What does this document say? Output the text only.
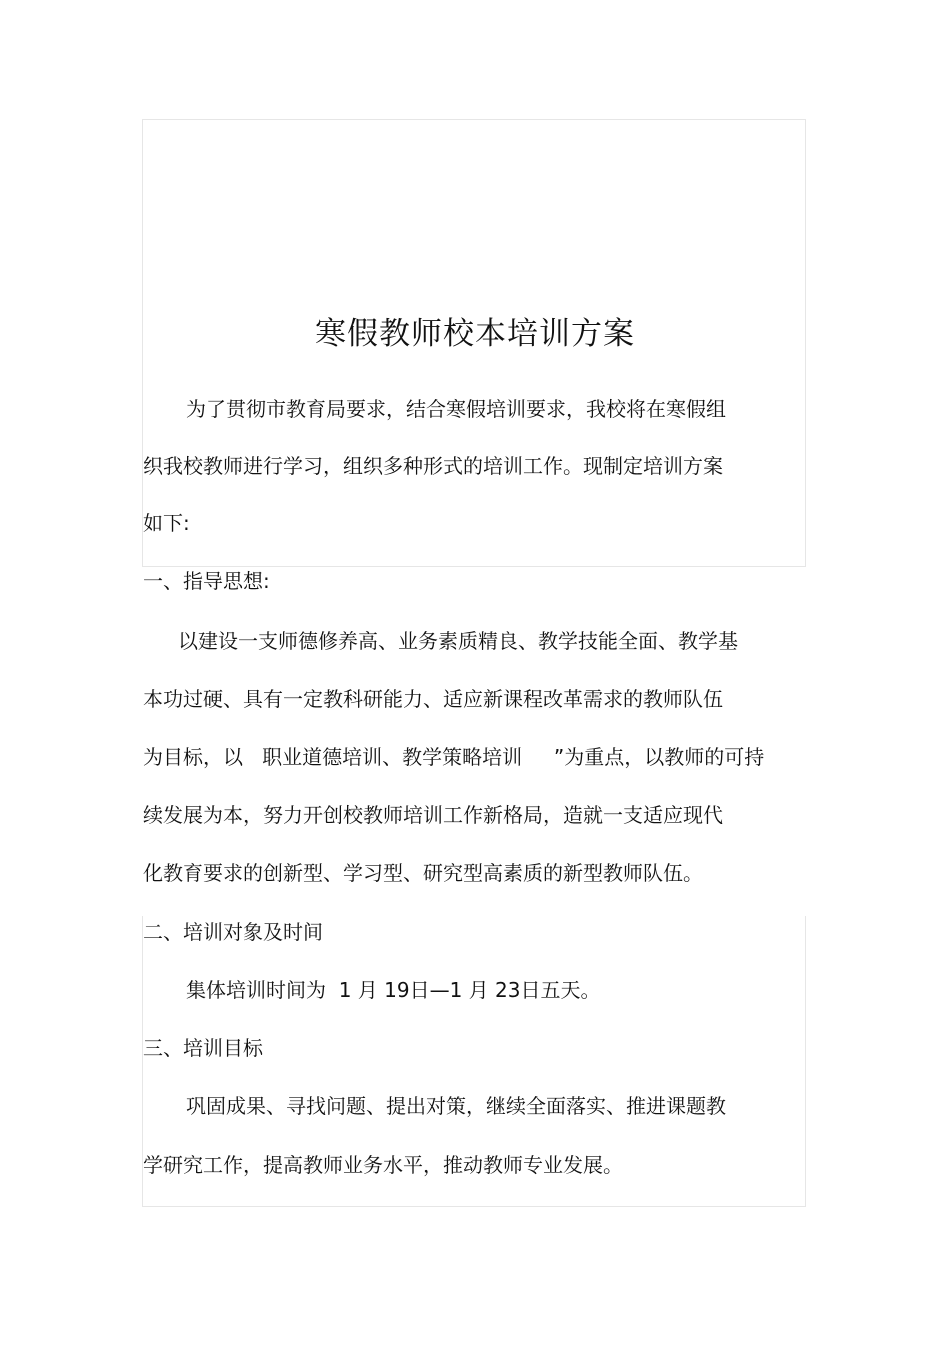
寒假教师校本培训方案
为了贯彻市教育局要求，结合寒假培训要求，我校将在寒假组
织我校教师进行学习，组织多种形式的培训工作。现制定培训方案
如下:
一、指导思想:
以建设一支师德修养高、业务素质精良、教学技能全面、教学基
本功过硬、具有一定教科研能力、适应新课程改革需求的教师队伍
为目标，以   职业道德培训、教学策略培训     ”为重点，以教师的可持
续发展为本，努力开创校教师培训工作新格局，造就一支适应现代
化教育要求的创新型、学习型、研究型高素质的新型教师队伍。
二、培训对象及时间
集体培训时间为  1 月 19日—1 月 23日五天。
三、培训目标
巩固成果、寻找问题、提出对策，继续全面落实、推进课题教
学研究工作，提高教师业务水平，推动教师专业发展。
